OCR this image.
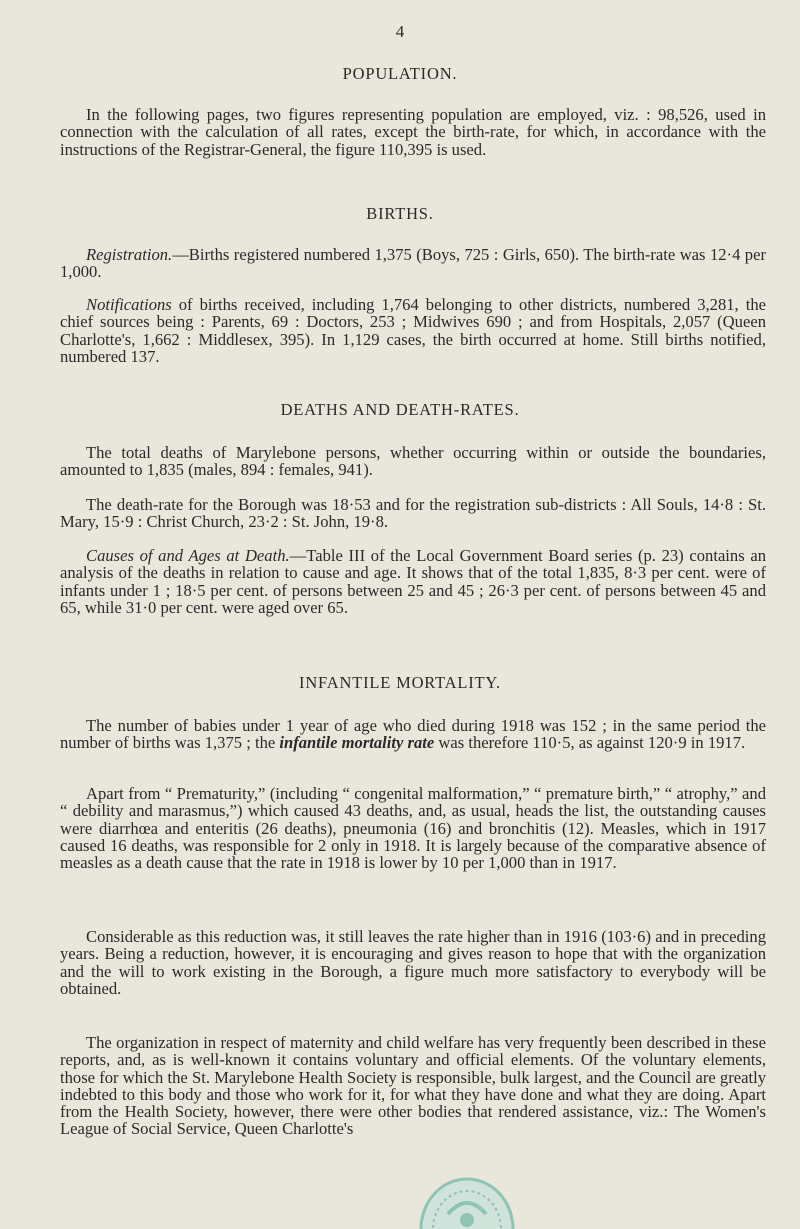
4
POPULATION.

In the following pages, two figures representing population are employed, viz. : 98,526, used in connection with the calculation of all rates, except the birth-rate, for which, in accordance with the instructions of the Registrar-General, the figure 110,395 is used.

BIRTHS.

Registration.—Births registered numbered 1,375 (Boys, 725 : Girls, 650). The birth-rate was 12·4 per 1,000.

Notifications of births received, including 1,764 belonging to other districts, numbered 3,281, the chief sources being : Parents, 69 : Doctors, 253 ; Midwives 690 ; and from Hospitals, 2,057 (Queen Charlotte's, 1,662 : Middlesex, 395). In 1,129 cases, the birth occurred at home. Still births notified, numbered 137.

DEATHS AND DEATH-RATES.

The total deaths of Marylebone persons, whether occurring within or outside the boundaries, amounted to 1,835 (males, 894 : females, 941).

The death-rate for the Borough was 18·53 and for the registration sub-districts : All Souls, 14·8 : St. Mary, 15·9 : Christ Church, 23·2 : St. John, 19·8.

Causes of and Ages at Death.—Table III of the Local Government Board series (p. 23) contains an analysis of the deaths in relation to cause and age. It shows that of the total 1,835, 8·3 per cent. were of infants under 1 ; 18·5 per cent. of persons between 25 and 45 ; 26·3 per cent. of persons between 45 and 65, while 31·0 per cent. were aged over 65.

INFANTILE MORTALITY.

The number of babies under 1 year of age who died during 1918 was 152 ; in the same period the number of births was 1,375 ; the infantile mortality rate was therefore 110·5, as against 120·9 in 1917.

Apart from “ Prematurity,” (including “ congenital malformation,” “ premature birth,” “ atrophy,” and “ debility and marasmus,”) which caused 43 deaths, and, as usual, heads the list, the outstanding causes were diarrhœa and enteritis (26 deaths), pneumonia (16) and bronchitis (12). Measles, which in 1917 caused 16 deaths, was responsible for 2 only in 1918. It is largely because of the comparative absence of measles as a death cause that the rate in 1918 is lower by 10 per 1,000 than in 1917.

Considerable as this reduction was, it still leaves the rate higher than in 1916 (103·6) and in preceding years. Being a reduction, however, it is encouraging and gives reason to hope that with the organization and the will to work existing in the Borough, a figure much more satisfactory to everybody will be obtained.

The organization in respect of maternity and child welfare has very frequently been described in these reports, and, as is well-known it contains voluntary and official elements. Of the voluntary elements, those for which the St. Marylebone Health Society is responsible, bulk largest, and the Council are greatly indebted to this body and those who work for it, for what they have done and what they are doing. Apart from the Health Society, however, there were other bodies that rendered assistance, viz.: The Women's League of Social Service, Queen Charlotte's
